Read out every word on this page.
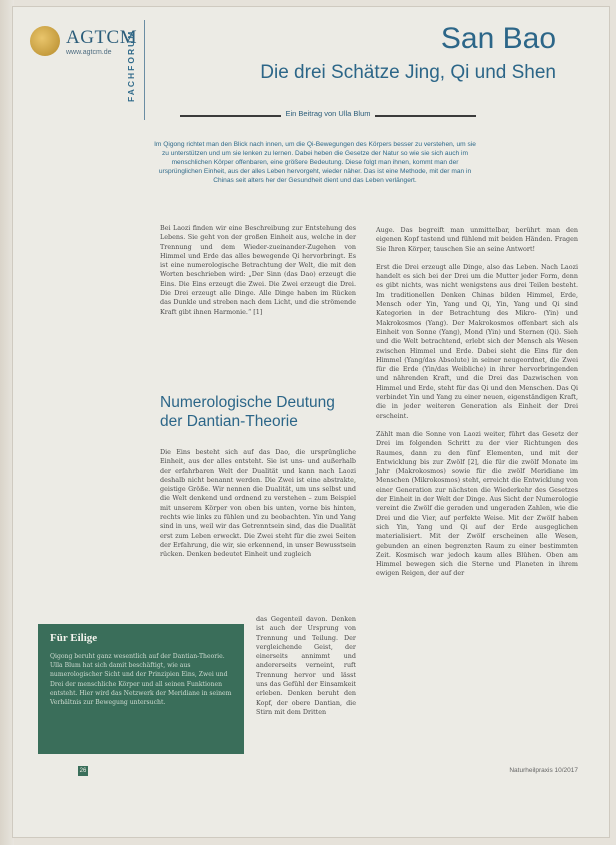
AGTCM
www.agtcm.de FACHFORUM	San Bao
Die drei Schätze Jing, Qi und Shen
Ein Beitrag von Ulla Blum
Im Qigong richtet man den Blick nach innen, um die Qi-Bewegungen des Körpers besser zu verstehen, um sie zu unterstützen und um sie lenken zu lernen. Dabei heben die Gesetze der Natur so wie sie sich auch im menschlichen Körper offenbaren, eine größere Bedeutung. Diese folgt man ihnen, kommt man der ursprünglichen Einheit, aus der alles Leben hervorgeht, wieder näher. Das ist eine Methode, mit der man in Chinas seit alters her der Gesundheit dient und das Leben verlängert.

Bei Laozi finden wir eine Beschreibung zur Entstehung des Lebens. Sie geht von der großen Einheit aus, welche in der Trennung und dem Wieder-zueinander-Zugehen von Himmel und Erde das alles bewegende Qi hervorbringt. Es ist eine numerologische Betrachtung der Welt, die mit den Worten beschrieben wird: „Der Sinn (das Dao) erzeugt die Eins. Die Eins erzeugt die Zwei. Die Zwei erzeugt die Drei. Die Drei erzeugt alle Dinge. Alle Dinge haben im Rücken das Dunkle und streben nach dem Licht, und die strömende Kraft gibt ihnen Harmonie.“ [1]

Numerologische Deutung der Dantian-Theorie

Die Eins besteht sich auf das Dao, die ursprüngliche Einheit, aus der alles entsteht. Sie ist uns- und außerhalb der erfahrbaren Welt der Dualität und kann nach Laozi deshalb nicht benannt werden. Die Zwei ist eine abstrakte, geistige Größe. Wir nennen die Dualität, um uns selbst und die Welt denkend und ordnend zu verstehen – zum Beispiel mit unserem Körper von oben bis unten, vorne bis hinten, rechts wie links zu fühlen und zu beobachten. Yin und Yang sind in uns, weil wir das Getrenntsein sind, das die Dualität erst zum Leben erweckt. Die Zwei steht für die zwei Seiten der Erfahrung, die wir, sie erkennend, in unser Bewusstsein rücken. Denken bedeutet Einheit und zugleich

das Gegenteil davon. Denken ist auch der Ursprung von Trennung und Teilung. Der vergleichende Geist, der einerseits annimmt und andererseits verneint, ruft Trennung hervor und lässt uns das Gefühl der Einsamkeit erleben. Denken beruht den Kopf, der obere Dantian, die Stirn mit dem Dritten

Auge. Das begreift man unmittelbar, berührt man den eigenen Kopf tastend und fühlend mit beiden Händen. Fragen Sie Ihren Körper, tauschen Sie an seine Antwort!

Erst die Drei erzeugt alle Dinge, also das Leben. Nach Laozi handelt es sich bei der Drei um die Mutter jeder Form, denn es gibt nichts, was nicht wenigstens aus drei Teilen besteht. Im traditionellen Denken Chinas bilden Himmel, Erde, Mensch oder Yin, Yang und Qi, Yin, Yang und Qi sind Kategorien in der Betrachtung des Mikro- (Yin) und Makrokosmos (Yang). Der Makrokosmos offenbart sich als Einheit von Sonne (Yang), Mond (Yin) und Sternen (Qi). Sieh und die Welt betrachtend, erlebt sich der Mensch als Wesen zwischen Himmel und Erde. Dabei sieht die Eins für den Himmel (Yang/das Absolute) in seiner neugeordnet, die Zwei für die Erde (Yin/das Weibliche) in ihrer hervorbringenden und nährenden Kraft, und die Drei das Dazwischen von Himmel und Erde, steht für das Qi und den Menschen. Das Qi verbindet Yin und Yang zu einer neuen, eigenständigen Kraft, die in jeder weiteren Generation als Einheit der Drei erscheint.

Zählt man die Sonne von Laozi weiter, führt das Gesetz der Drei im folgenden Schritt zu der vier Richtungen des Raumes, dann zu den fünf Elementen, und mit der Entwicklung bis zur Zwölf [2], die für die zwölf Monate im Jahr (Makrokosmos) sowie für die zwölf Meridiane im Menschen (Mikrokosmos) steht, erreicht die Entwicklung von einer Generation zur nächsten die Wiederkehr des Gesetzes der Einheit in der Welt der Dinge. Aus Sicht der Numerologie vereint die Zwölf die geraden und ungeraden Zahlen, wie die Drei und die Vier, auf perfekte Weise. Mit der Zwölf haben sich Yin, Yang und Qi auf der Erde ausgeglichen materialisiert. Mit der Zwölf erscheinen alle Wesen, gebunden an einen begrenzten Raum zu einer bestimmten Zeit. Kosmisch war jedoch kaum alles Blühen. Oben am Himmel bewegen sich die Sterne und Planeten in ihrem ewigen Reigen, der auf der

Für Eilige
Qigong beruht ganz wesentlich auf der Dantian-Theorie. Ulla Blum hat sich damit beschäftigt, wie aus numerologischer Sicht und der Prinzipien Eins, Zwei und Drei der menschliche Körper und all seinen Funktionen entsteht. Hier wird das Netzwerk der Meridiane in seinem Verhältnis zur Bewegung untersucht.
26	Naturheilpraxis 10/2017
